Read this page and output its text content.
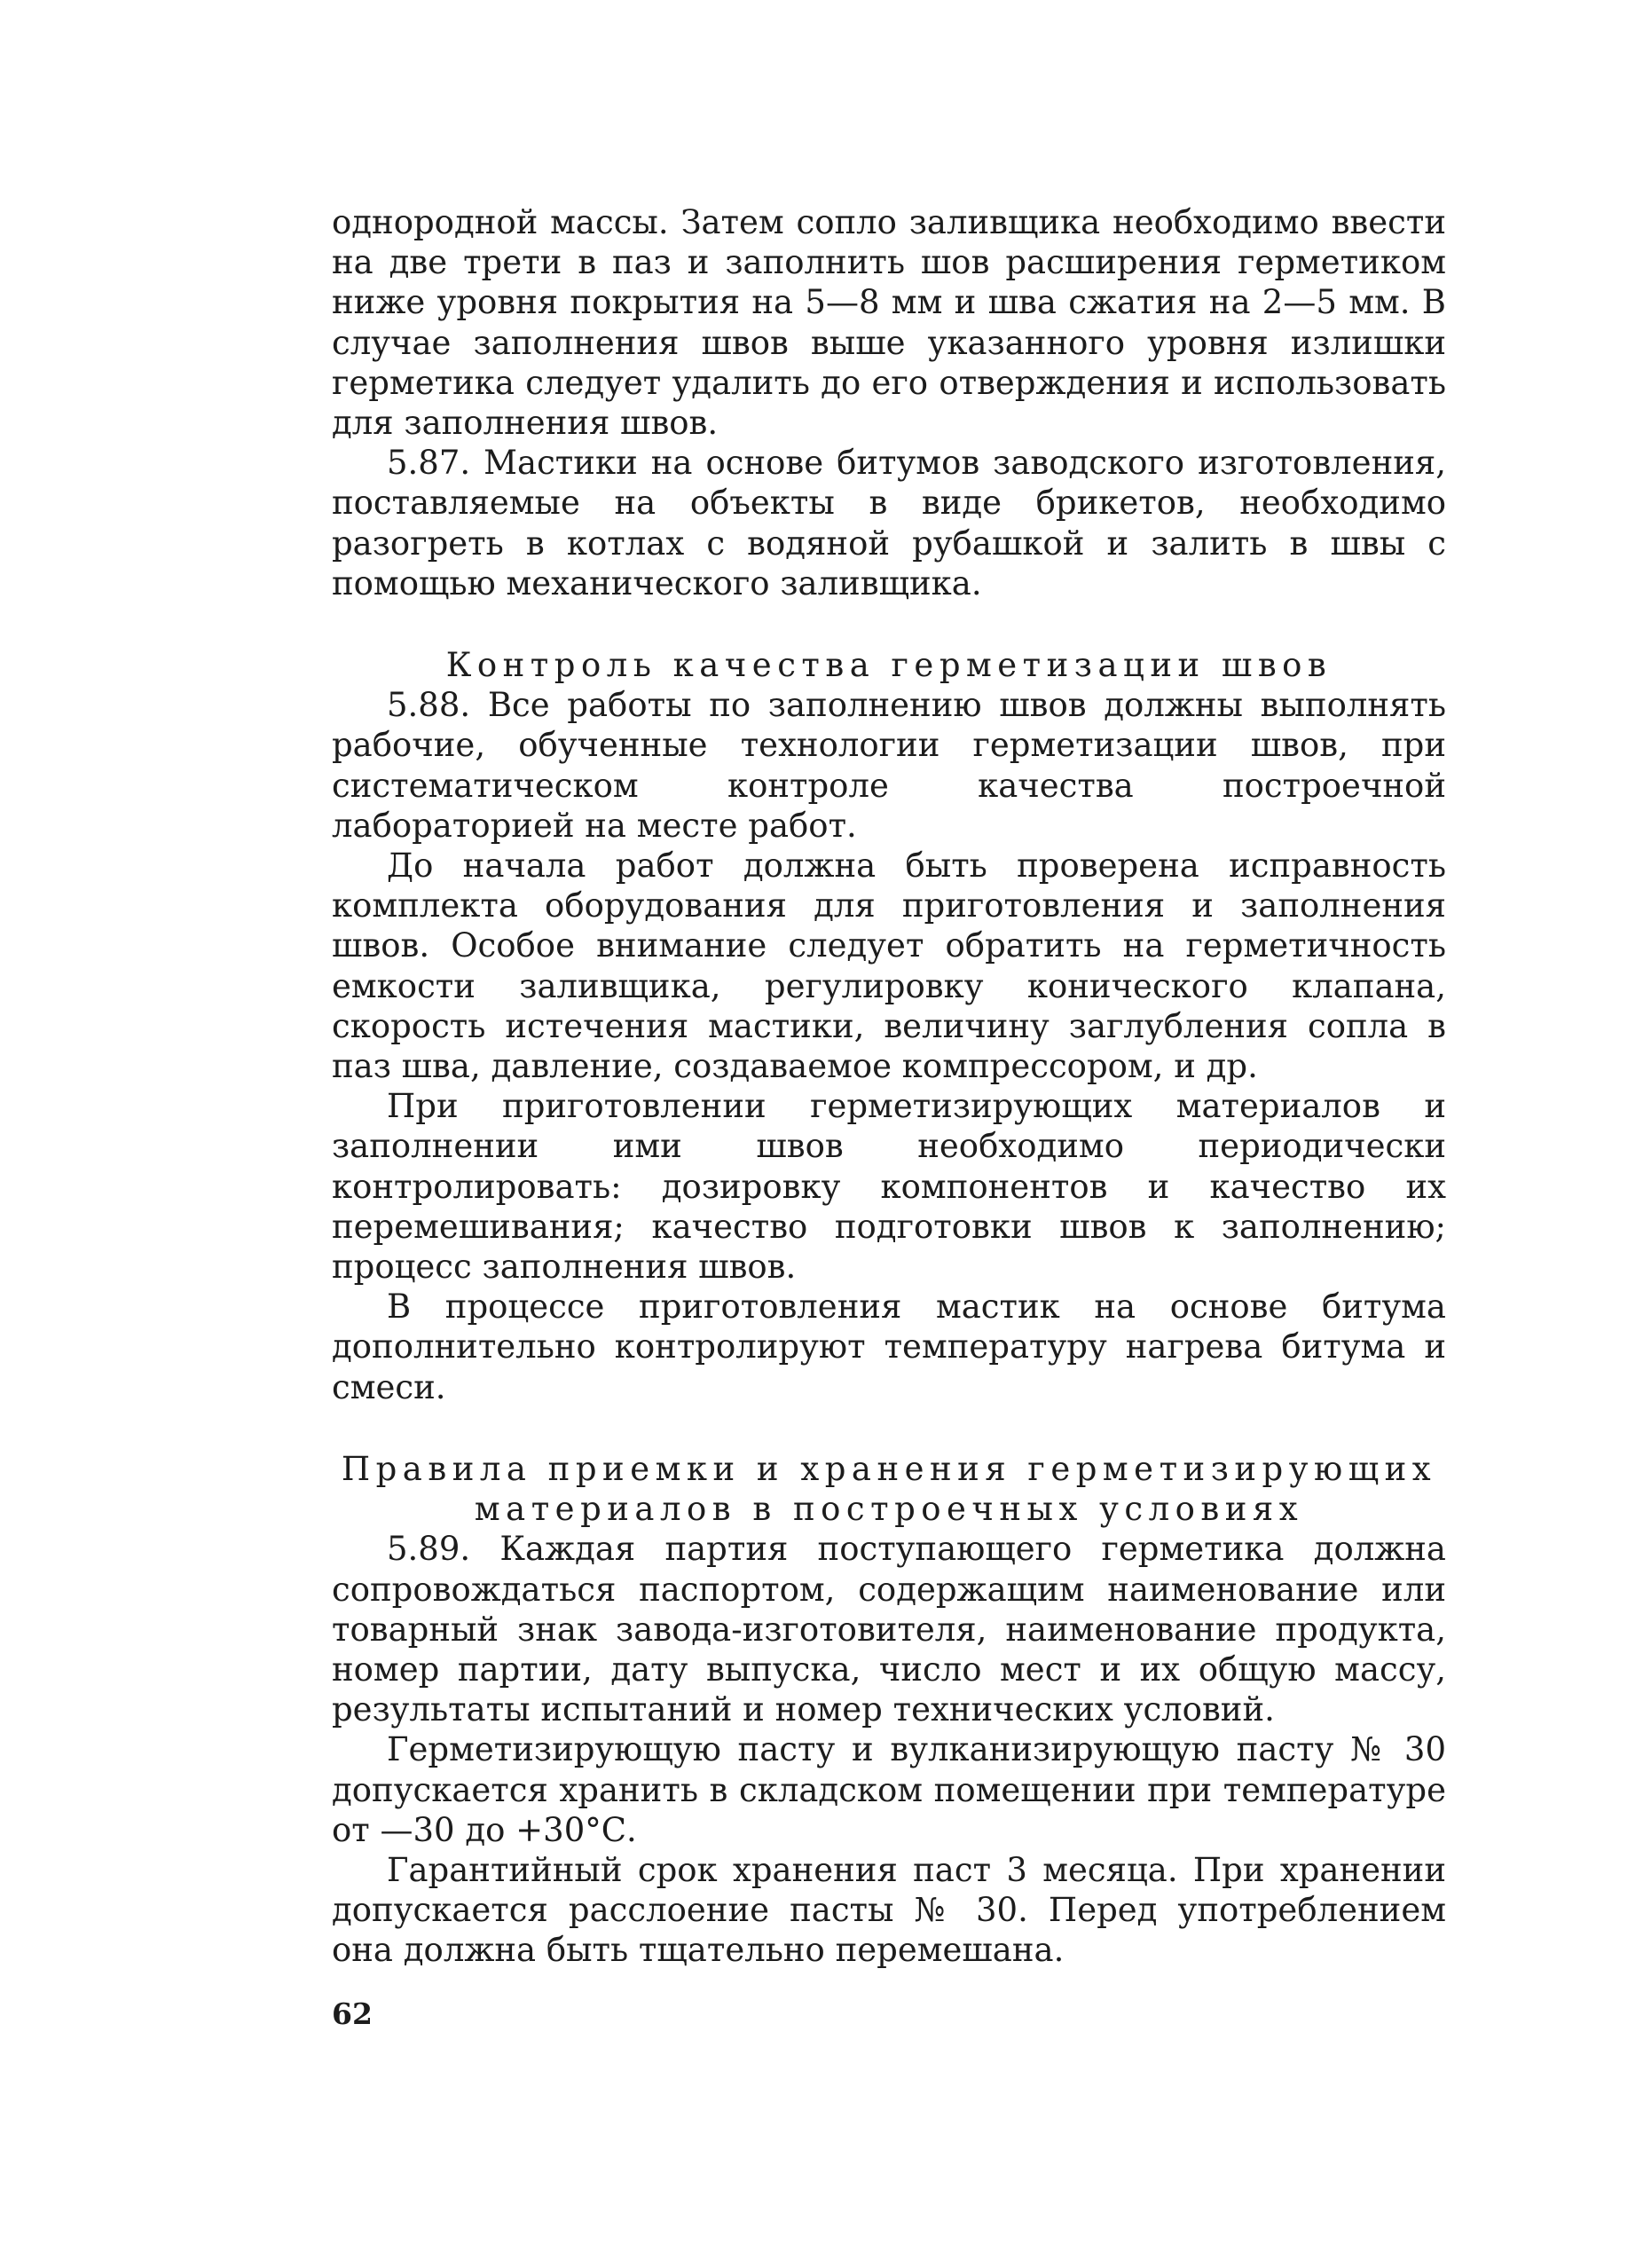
однородной массы. Затем сопло заливщика необходимо ввести на две трети в паз и заполнить шов расширения герметиком ниже уровня покрытия на 5—8 мм и шва сжатия на 2—5 мм. В случае заполнения швов выше указанного уровня излишки герметика следует удалить до его отверждения и использовать для заполнения швов.

5.87. Мастики на основе битумов заводского изготовления, поставляемые на объекты в виде брикетов, необходимо разогреть в котлах с водяной рубашкой и залить в швы с помощью механического заливщика.

Контроль качества герметизации швов

5.88. Все работы по заполнению швов должны выполнять рабочие, обученные технологии герметизации швов, при систематическом контроле качества построечной лабораторией на месте работ.

До начала работ должна быть проверена исправность комплекта оборудования для приготовления и заполнения швов. Особое внимание следует обратить на герметичность емкости заливщика, регулировку конического клапана, скорость истечения мастики, величину заглубления сопла в паз шва, давление, создаваемое компрессором, и др.

При приготовлении герметизирующих материалов и заполнении ими швов необходимо периодически контролировать: дозировку компонентов и качество их перемешивания; качество подготовки швов к заполнению; процесс заполнения швов.

В процессе приготовления мастик на основе битума дополнительно контролируют температуру нагрева битума и смеси.

Правила приемки и хранения герметизирующих материалов в построечных условиях

5.89. Каждая партия поступающего герметика должна сопровождаться паспортом, содержащим наименование или товарный знак завода-изготовителя, наименование продукта, номер партии, дату выпуска, число мест и их общую массу, результаты испытаний и номер технических условий.

Герметизирующую пасту и вулканизирующую пасту № 30 допускается хранить в складском помещении при температуре от —30 до +30°С.

Гарантийный срок хранения паст 3 месяца. При хранении допускается расслоение пасты № 30. Перед употреблением она должна быть тщательно перемешана.

62
